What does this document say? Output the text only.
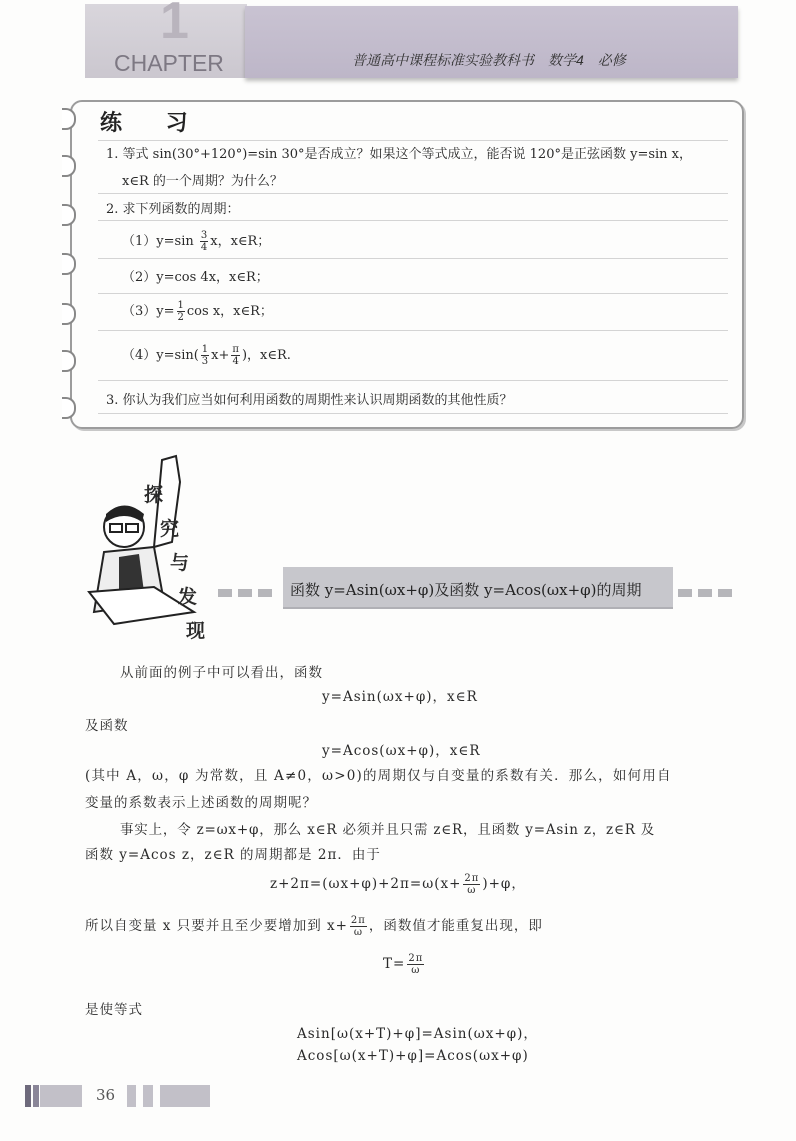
1
CHAPTER	普通高中课程标准实验教科书　数学4　必修
练 习
1. 等式 sin(30°+120°)=sin 30°是否成立？如果这个等式成立，能否说 120°是正弦函数 y=sin x，
x∈R 的一个周期？为什么？
2. 求下列函数的周期：
$(1)y=\sin \frac{3}{4}$ x，x∈R；
（2）y=cos 4x，x∈R；
$(3)y= \frac{1}{2}$ cos x，x∈R；
$(4)y=\sin( \frac{1}{3} x+ \frac{\pi}{4}$ )，x∈R.
3. 你认为我们应当如何利用函数的周期性来认识周期函数的其他性质？
探
究
与
发
现
函数 y=Asin(ωx+φ)及函数 y=Acos(ωx+φ)的周期
从前面的例子中可以看出，函数
y=Asin(ωx+φ)，x∈R
及函数
y=Acos(ωx+φ)，x∈R
(其中 A，ω，φ 为常数，且 A≠0，ω>0)的周期仅与自变量的系数有关．那么，如何用自
变量的系数表示上述函数的周期呢？
事实上，令 z=ωx+φ，那么 x∈R 必须并且只需 z∈R，且函数 y=Asin z，z∈R 及
函数 y=Acos z，z∈R 的周期都是 2π．由于
$z+2\pi=(\omega x+\varphi)+2\pi=\omega(x+ \frac{2\pi}{\omega} )+\varphi$，
所以自变量 x 只要并且至少要增加到 $x+ \frac{2\pi}{\omega}$ ，函数值才能重复出现，即
$T= \frac{2\pi}{\omega}$
是使等式
Asin[ω(x+T)+φ]=Asin(ωx+φ)，
Acos[ω(x+T)+φ]=Acos(ωx+φ)
36
